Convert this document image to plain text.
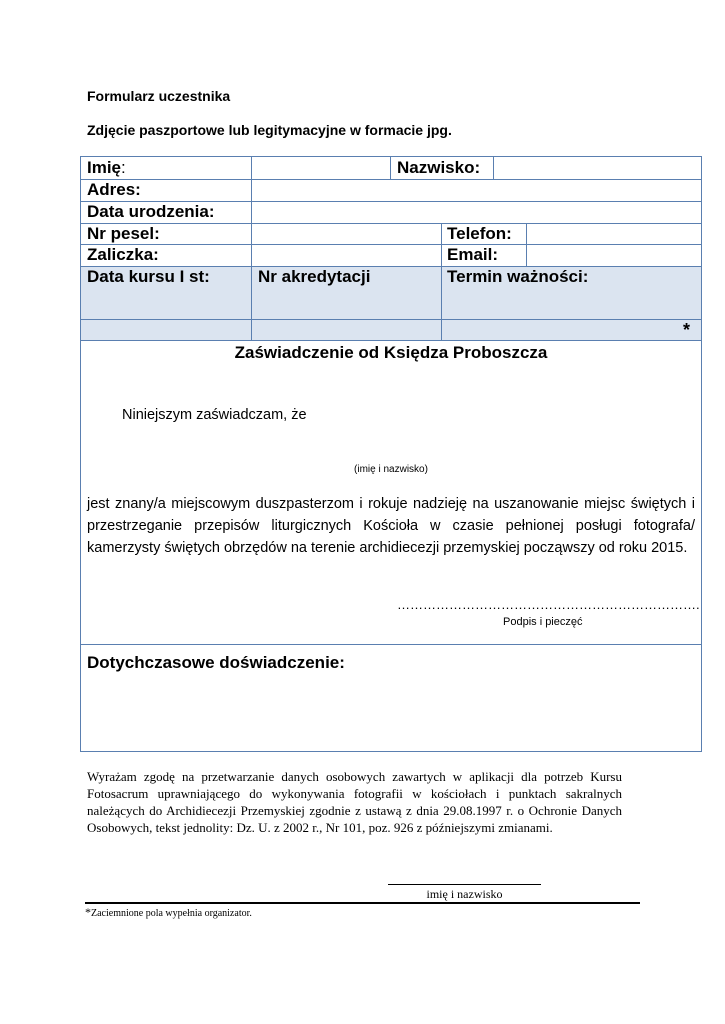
Formularz uczestnika
Zdjęcie paszportowe lub legitymacyjne w formacie jpg.
Imię:	Nazwisko:
Adres:
Data urodzenia:
Nr pesel:	Telefon:
Zaliczka:	Email:
Data kursu I st:	Nr akredytacji	Termin ważności:
*
Zaświadczenie od Księdza Proboszcza
Niniejszym zaświadczam, że
(imię i nazwisko)
jest znany/a miejscowym duszpasterzom i rokuje nadzieję na uszanowanie miejsc świętych i przestrzeganie przepisów liturgicznych Kościoła w czasie pełnionej posługi fotografa/ kamerzysty świętych obrzędów na terenie archidiecezji przemyskiej począwszy od roku 2015.
…………………………………………………………….
Podpis i pieczęć
Dotychczasowe doświadczenie:
Wyrażam zgodę na przetwarzanie danych osobowych zawartych w aplikacji dla potrzeb Kursu Fotosacrum uprawniającego do wykonywania fotografii w kościołach i punktach sakralnych należących do Archidiecezji Przemyskiej zgodnie z ustawą z dnia 29.08.1997 r. o Ochronie Danych Osobowych, tekst jednolity: Dz. U. z 2002 r., Nr 101, poz. 926 z późniejszymi zmianami.
imię i nazwisko
*Zaciemnione pola wypełnia organizator.
